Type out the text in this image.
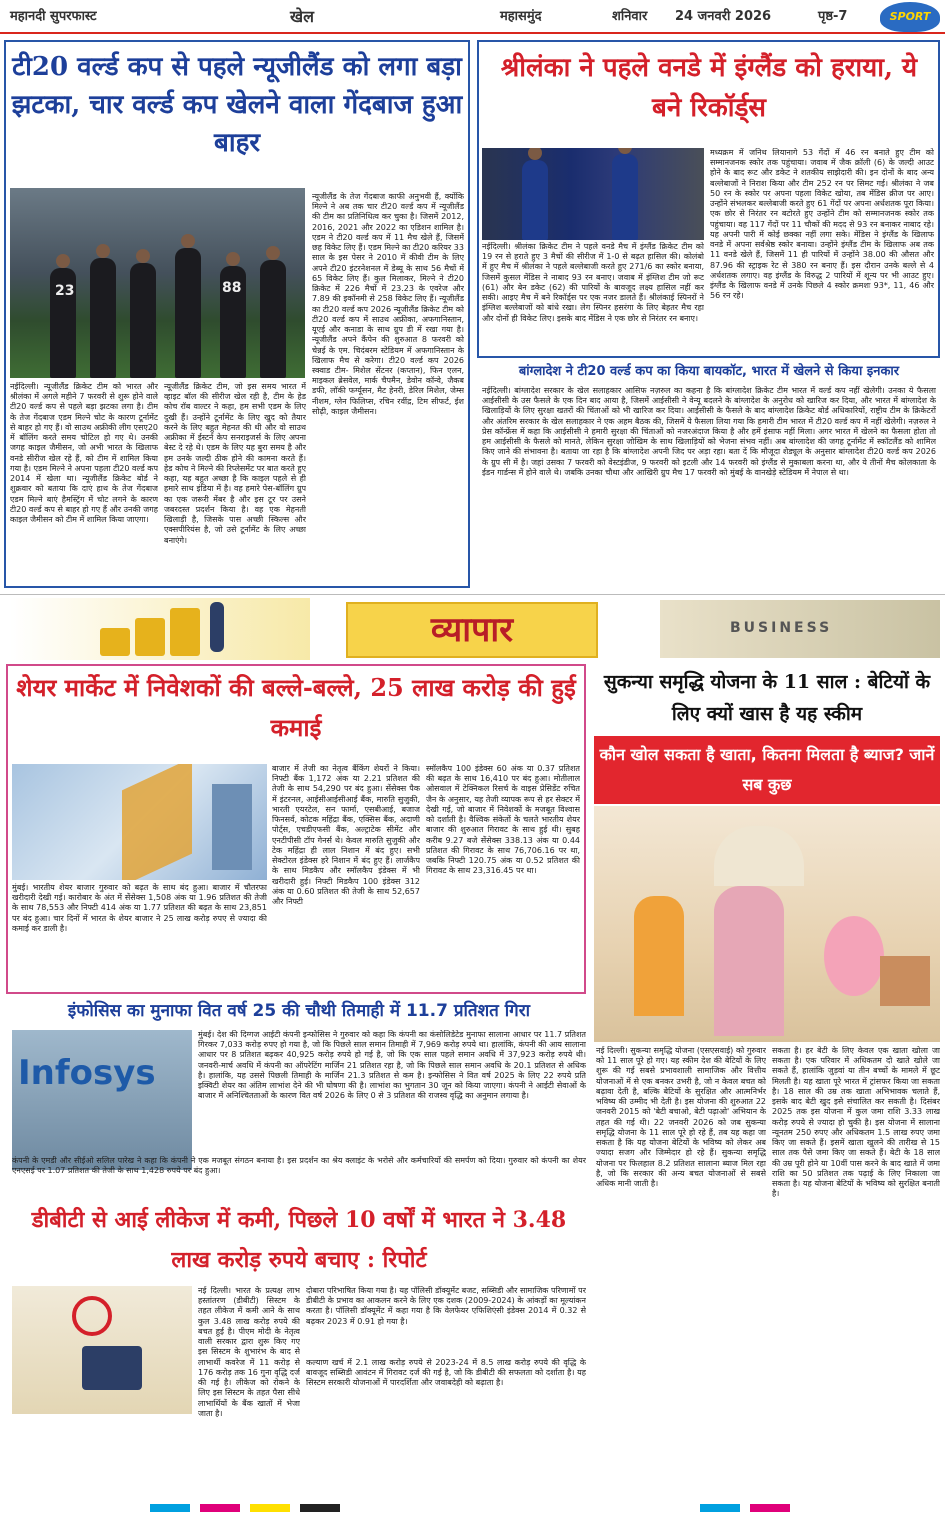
महानदी सुपरफास्ट	खेल	महासमुंद	शनिवार 24 जनवरी 2026	पृष्ठ-7	SPORT
टी20 वर्ल्ड कप से पहले न्यूजीलैंड को लगा बड़ा झटका, चार वर्ल्ड कप खेलने वाला गेंदबाज हुआ बाहर
23	88

नईदिल्ली। न्यूजीलैंड क्रिकेट टीम को भारत और श्रीलंका में अगले महीने 7 फरवरी से शुरू होने वाले टी20 वर्ल्ड कप से पहले बड़ा झटका लगा है। टीम के तेज गेंदबाज एडम मिल्ने चोट के कारण टूर्नामेंट से बाहर हो गए हैं। वो साउथ अफ्रीकी लीग एसए20 में बॉलिंग करते समय चोटिल हो गए थे। उनकी जगह काइल जैमीसन, जो अभी भारत के खिलाफ वनडे सीरीज खेल रहे हैं, को टीम में शामिल किया गया है। एडम मिल्ने ने अपना पहला टी20 वर्ल्ड कप 2014 में खेला था। न्यूजीलैंड क्रिकेट बोर्ड ने शुक्रवार को बताया कि दाएं हाथ के तेज गेंदबाज एडम मिल्ने बाएं हैमस्ट्रिंग में चोट लगने के कारण टी20 वर्ल्ड कप से बाहर हो गए हैं और उनकी जगह काइल जैमीसन को टीम में शामिल किया जाएगा।

न्यूजीलैंड क्रिकेट टीम, जो इस समय भारत में व्हाइट बॉल की सीरीज खेल रही है, टीम के हेड कोच रॉब वाल्टर ने कहा, हम सभी एडम के लिए दुखी हैं। उन्होंने टूर्नामेंट के लिए खुद को तैयार करने के लिए बहुत मेहनत की थी और वो साउथ अफ्रीका में ईस्टर्न केप सनराइजर्स के लिए अपना बेस्ट दे रहे थे। एडम के लिए यह बुरा समय है और हम उनके जल्दी ठीक होने की कामना करते हैं। हेड कोच ने मिल्ने की रिप्लेसमेंट पर बात करते हुए कहा, यह बहुत अच्छा है कि काइल पहले से ही हमारे साथ इंडिया में है। वह हमारे पेस-बॉलिंग ग्रुप का एक जरूरी मेंबर है और इस टूर पर उसने जबरदस्त प्रदर्शन किया है। वह एक मेहनती खिलाड़ी है, जिसके पास अच्छी स्किल्स और एक्सपीरियंस है, जो उसे टूर्नामेंट के लिए अच्छा बनाएंगे।

न्यूजीलैंड के तेज गेंदबाज काफी अनुभवी हैं, क्योंकि मिल्ने ने अब तक चार टी20 वर्ल्ड कप में न्यूजीलैंड की टीम का प्रतिनिधित्व कर चुका है। जिसमें 2012, 2016, 2021 और 2022 का एडिशन शामिल है। एडम ने टी20 वर्ल्ड कप में 11 मैच खेले हैं, जिसमें छह विकेट लिए हैं। एडम मिल्ने का टी20 करियर 33 साल के इस पेसर ने 2010 में कीवी टीम के लिए अपने टी20 इंटरनेशनल में डेब्यू के साथ 56 मैचों में 65 विकेट लिए हैं। कुल मिलाकर, मिल्ने ने टी20 क्रिकेट में 226 मैचों में 23.23 के एवरेज और 7.89 की इकॉनमी से 258 विकेट लिए हैं। न्यूजीलैंड का टी20 वर्ल्ड कप 2026 न्यूजीलैंड क्रिकेट टीम को टी20 वर्ल्ड कप में साउथ अफ्रीका, अफगानिस्तान, यूएई और कनाडा के साथ ग्रुप डी में रखा गया है। न्यूजीलैंड अपने कैंपेन की शुरुआत 8 फरवरी को चेन्नई के एम. चिदंबरम स्टेडियम में अफगानिस्तान के खिलाफ मैच से करेगा। टी20 वर्ल्ड कप 2026 स्क्वाड टीम- मिशेल सेंटनर (कप्तान), फिन एलन, माइकल ब्रेसवेल, मार्क चैपमैन, डेवोन कॉन्वे, जैकब डफी, लॉकी फर्ग्यूसन, मैट हेनरी, डेरिल मिशेल, जेम्स नीशम, ग्लेन फिलिप्स, रचिन रवींद्र, टिम सीफर्ट, ईश सोढ़ी, काइल जैमीसन।

श्रीलंका ने पहले वनडे में इंग्लैंड को हराया, ये बने रिकॉर्ड्स

नईदिल्ली। श्रीलंका क्रिकेट टीम ने पहले वनडे मैच में इंग्लैंड क्रिकेट टीम को 19 रन से हराते हुए 3 मैचों की सीरीज में 1-0 से बढ़त हासिल की। कोलंबो में हुए मैच में श्रीलंका ने पहले बल्लेबाजी करते हुए 271/6 का स्कोर बनाया, जिसमें कुसल मेंडिस ने नाबाद 93 रन बनाए। जवाब में इंग्लिश टीम जो रूट (61) और बेन डकेट (62) की पारियों के बावजूद लक्ष्य हासिल नहीं कर सकी। आइए मैच में बने रिकॉर्ड्स पर एक नजर डालते हैं। श्रीलंकाई स्पिनरों ने इंग्लिश बल्लेबाजों को बांधे रखा। लेग स्पिनर हसरंगा के लिए बेहतर मैच रहा और दोनों ही विकेट लिए। इसके बाद मेंडिस ने एक छोर से निरंतर रन बनाए।

मध्यक्रम में जनिथ लियानागे 53 गेंदों में 46 रन बनाते हुए टीम को सम्मानजनक स्कोर तक पहुंचाया। जवाब में जैक क्रॉली (6) के जल्दी आउट होने के बाद रूट और डकेट ने शतकीय साझेदारी की। इन दोनों के बाद अन्य बल्लेबाजों ने निराश किया और टीम 252 रन पर सिमट गई। श्रीलंका ने जब 50 रन के स्कोर पर अपना पहला विकेट खोया, तब मेंडिस क्रीज पर आए। उन्होंने संभलकर बल्लेबाजी करते हुए 61 गेंदों पर अपना अर्धशतक पूरा किया। एक छोर से निरंतर रन बटोरते हुए उन्होंने टीम को सम्मानजनक स्कोर तक पहुंचाया। वह 117 गेंदों पर 11 चौकों की मदद से 93 रन बनाकर नाबाद रहे। यह अपनी पारी में कोई छक्का नहीं लगा सके। मेंडिस ने इंग्लैंड के खिलाफ वनडे में अपना सर्वश्रेष्ठ स्कोर बनाया। उन्होंने इंग्लैंड टीम के खिलाफ अब तक 11 वनडे खेले हैं, जिसमें 11 ही पारियों में उन्होंने 38.00 की औसत और 87.96 की स्ट्राइक रेट से 380 रन बनाए हैं। इस दौरान उनके बल्ले से 4 अर्धशतक लगाए। वह इंग्लैंड के विरुद्ध 2 पारियों में शून्य पर भी आउट हुए। इंग्लैंड के खिलाफ वनडे में उनके पिछले 4 स्कोर क्रमशः 93*, 11, 46 और 56 रन रहे।

बांग्लादेश ने टी20 वर्ल्ड कप का किया बायकॉट, भारत में खेलने से किया इनकार

नईदिल्ली। बांग्लादेश सरकार के खेल सलाहकार आसिफ नज़रुल का कहना है कि बांग्लादेश क्रिकेट टीम भारत में वर्ल्ड कप नहीं खेलेगी। उनका ये फैसला आईसीसी के उस फैसले के एक दिन बाद आया है, जिसमें आईसीसी ने वेन्यू बदलने के बांग्लादेश के अनुरोध को खारिज कर दिया, और भारत में बांग्लादेश के खिलाड़ियों के लिए सुरक्षा खतरों की चिंताओं को भी खारिज कर दिया। आईसीसी के फैसले के बाद बांग्लादेश क्रिकेट बोर्ड अधिकारियों, राष्ट्रीय टीम के क्रिकेटरों और अंतरिम सरकार के खेल सलाहकार ने एक अहम बैठक की, जिसमें ये फैसला लिया गया कि हमारी टीम भारत में टी20 वर्ल्ड कप में नहीं खेलेगी। नज़रुल ने प्रेस कॉन्फ्रेंस में कहा कि आईसीसी ने हमारी सुरक्षा की चिंताओं को नजरअंदाज किया है और हमें इंसाफ नहीं मिला। अगर भारत में खेलने का फैसला होता तो हम आईसीसी के फैसले को मानते, लेकिन सुरक्षा जोखिम के साथ खिलाड़ियों को भेजना संभव नहीं। अब बांग्लादेश की जगह टूर्नामेंट में स्कॉटलैंड को शामिल किए जाने की संभावना है। बताया जा रहा है कि बांग्लादेश अपनी जिद पर अड़ा रहा। बता दें कि मौजूदा शेड्यूल के अनुसार बांग्लादेश टी20 वर्ल्ड कप 2026 के ग्रुप सी में है। जहां उसका 7 फरवरी को वेस्टइंडीज, 9 फरवरी को इटली और 14 फरवरी को इंग्लैंड से मुकाबला करना था, और ये तीनों मैच कोलकाता के ईडन गार्डन्स में होने वाले थे। जबकि उनका चौथा और आखिरी ग्रुप मैच 17 फरवरी को मुंबई के वानखेड़े स्टेडियम में नेपाल से था।

व्यापार	BUSINESS
शेयर मार्केट में निवेशकों की बल्ले-बल्ले, 25 लाख करोड़ की हुई कमाई

मुंबई। भारतीय शेयर बाजार गुरुवार को बढ़त के साथ बंद हुआ। बाजार में चौतरफा खरीदारी देखी गई। कारोबार के अंत में सेंसेक्स 1,508 अंक या 1.96 प्रतिशत की तेजी के साथ 78,553 और निफ्टी 414 अंक या 1.77 प्रतिशत की बढ़त के साथ 23,851 पर बंद हुआ। चार दिनों में भारत के शेयर बाजार ने 25 लाख करोड़ रुपए से ज्यादा की कमाई कर डाली है।

बाजार में तेजी का नेतृत्व बैंकिंग शेयरों ने किया। निफ्टी बैंक 1,172 अंक या 2.21 प्रतिशत की तेजी के साथ 54,290 पर बंद हुआ। सेंसेक्स पैक में इंटरनल, आईसीआईसीआई बैंक, मारुति सुजुकी, भारती एयरटेल, सन फार्मा, एसबीआई, बजाज फिनसर्व, कोटक महिंद्रा बैंक, एक्सिस बैंक, अदाणी पोर्ट्स, एचडीएफसी बैंक, अल्ट्राटेक सीमेंट और एनटीपीसी टॉप गेनर्स थे। केवल मारुति सुजुकी और टेक महिंद्रा ही लाल निशान में बंद हुए। सभी सेक्टोरल इंडेक्स हरे निशान में बंद हुए हैं। लार्जकैप के साथ मिडकैप और स्मॉलकैप इंडेक्स में भी खरीदारी हुई। निफ्टी मिडकैप 100 इंडेक्स 312 अंक या 0.60 प्रतिशत की तेजी के साथ 52,657 और निफ्टी

स्मॉलकैप 100 इंडेक्स 60 अंक या 0.37 प्रतिशत की बढ़त के साथ 16,410 पर बंद हुआ। मोतीलाल ओसवाल में टेक्निकल रिसर्च के वाइस प्रेसिडेंट रुचित जैन के अनुसार, यह तेजी व्यापक रूप से हर सेक्टर में देखी गई, जो बाजार में निवेशकों के मजबूत विश्वास को दर्शाती है। वैश्विक संकेतों के चलते भारतीय शेयर बाजार की शुरुआत गिरावट के साथ हुई थी। सुबह करीब 9.27 बजे सेंसेक्स 338.13 अंक या 0.44 प्रतिशत की गिरावट के साथ 76,706.16 पर था, जबकि निफ्टी 120.75 अंक या 0.52 प्रतिशत की गिरावट के साथ 23,316.45 पर था।

इंफोसिस का मुनाफा वित वर्ष 25 की चौथी तिमाही में 11.7 प्रतिशत गिरा
Infosys

मुंबई। देश की दिग्गज आईटी कंपनी इन्फोसिस ने गुरुवार को कहा कि कंपनी का कंसोलिडेटेड मुनाफा सालाना आधार पर 11.7 प्रतिशत गिरकर 7,033 करोड़ रुपए हो गया है, जो कि पिछले साल समान तिमाही में 7,969 करोड़ रुपये था। हालांकि, कंपनी की आय सालाना आधार पर 8 प्रतिशत बढ़कर 40,925 करोड़ रुपये हो गई है, जो कि एक साल पहले समान अवधि में 37,923 करोड़ रुपये थी। जनवरी-मार्च अवधि में कंपनी का ऑपरेटिंग मार्जिन 21 प्रतिशत रहा है, जो कि पिछले साल समान अवधि के 20.1 प्रतिशत से अधिक है। हालांकि, यह उससे पिछली तिमाही के मार्जिन 21.3 प्रतिशत से कम है। इन्फोसिस ने वित वर्ष 2025 के लिए 22 रुपये प्रति इक्विटी शेयर का अंतिम लाभांश देने की भी घोषणा की है। लाभांश का भुगतान 30 जून को किया जाएगा। कंपनी ने आईटी सेवाओं के बाजार में अनिश्चितताओं के कारण वित वर्ष 2026 के लिए 0 से 3 प्रतिशत की राजस्व वृद्धि का अनुमान लगाया है।

कंपनी के एमडी और सीईओ सलिल पारेख ने कहा कि कंपनी ने एक मजबूत संगठन बनाया है। इस प्रदर्शन का श्रेय क्लाइंट के भरोसे और कर्मचारियों की समर्पण को दिया। गुरुवार को कंपनी का शेयर एनएसई पर 1.07 प्रतिशत की तेजी के साथ 1,428 रुपये पर बंद हुआ।

डीबीटी से आई लीकेज में कमी, पिछले 10 वर्षों में भारत ने 3.48 लाख करोड़ रुपये बचाए : रिपोर्ट

नई दिल्ली। भारत के प्रत्यक्ष लाभ हस्तांतरण (डीबीटी) सिस्टम के तहत लीकेज में कमी आने के साथ कुल 3.48 लाख करोड़ रुपये की बचत हुई है। पीएम मोदी के नेतृत्व वाली सरकार द्वारा शुरू किए गए इस सिस्टम के शुभारंभ के बाद से लाभार्थी कवरेज में 11 करोड़ से 176 करोड़ तक 16 गुना वृद्धि दर्ज की गई है। लीकेज को रोकने के लिए इस सिस्टम के तहत पैसा सीधे लाभार्थियों के बैंक खातों में भेजा जाता है।

दोबारा परिभाषित किया गया है। यह पॉलिसी डॉक्यूमेंट बजट, सब्सिडी और सामाजिक परिणामों पर डीबीटी के प्रभाव का आकलन करने के लिए एक दशक (2009-2024) के आंकड़ों का मूल्यांकन करता है। पॉलिसी डॉक्यूमेंट में कहा गया है कि वेलफेयर एफिशिएंसी इंडेक्स 2014 में 0.32 से बढ़कर 2023 में 0.91 हो गया है।

कल्याण खर्च में 2.1 लाख करोड़ रुपये से 2023-24 में 8.5 लाख करोड़ रुपये की वृद्धि के बावजूद सब्सिडी आवंटन में गिरावट दर्ज की गई है, जो कि डीबीटी की सफलता को दर्शाता है। यह सिस्टम सरकारी योजनाओं में पारदर्शिता और जवाबदेही को बढ़ाता है।

सुकन्या समृद्धि योजना के 11 साल : बेटियों के लिए क्यों खास है यह स्कीम
कौन खोल सकता है खाता, कितना मिलता है ब्याज? जानें सब कुछ

नई दिल्ली। सुकन्या समृद्धि योजना (एसएसवाई) को गुरुवार को 11 साल पूरे हो गए। यह स्कीम देश की बेटियों के लिए शुरू की गई सबसे प्रभावशाली सामाजिक और वित्तीय योजनाओं में से एक बनकर उभरी है, जो न केवल बचत को बढ़ावा देती है, बल्कि बेटियों के सुरक्षित और आत्मनिर्भर भविष्य की उम्मीद भी देती है। इस योजना की शुरुआत 22 जनवरी 2015 को 'बेटी बचाओ, बेटी पढ़ाओ' अभियान के तहत की गई थी। 22 जनवरी 2026 को जब सुकन्या समृद्धि योजना के 11 साल पूरे हो रहे हैं, तब यह कहा जा सकता है कि यह योजना बेटियों के भविष्य को लेकर अब ज्यादा सजग और जिम्मेदार हो रहे हैं। सुकन्या समृद्धि योजना पर फिलहाल 8.2 प्रतिशत सालाना ब्याज मिल रहा है, जो कि सरकार की अन्य बचत योजनाओं से सबसे अधिक मानी जाती है।

सकता है। हर बेटी के लिए केवल एक खाता खोला जा सकता है। एक परिवार में अधिकतम दो खाते खोले जा सकते हैं, हालांकि जुड़वां या तीन बच्चों के मामले में छूट मिलती है। यह खाता पूरे भारत में ट्रांसफर किया जा सकता है। 18 साल की उम्र तक खाता अभिभावक चलाते हैं, इसके बाद बेटी खुद इसे संचालित कर सकती है। दिसंबर 2025 तक इस योजना में कुल जमा राशि 3.33 लाख करोड़ रुपये से ज्यादा हो चुकी है। इस योजना में सालाना न्यूनतम 250 रुपए और अधिकतम 1.5 लाख रुपए जमा किए जा सकते हैं। इसमें खाता खुलने की तारीख से 15 साल तक पैसे जमा किए जा सकते हैं। बेटी के 18 साल की उम्र पूरी होने या 10वीं पास करने के बाद खाते में जमा राशि का 50 प्रतिशत तक पढ़ाई के लिए निकाला जा सकता है। यह योजना बेटियों के भविष्य को सुरक्षित बनाती है।
